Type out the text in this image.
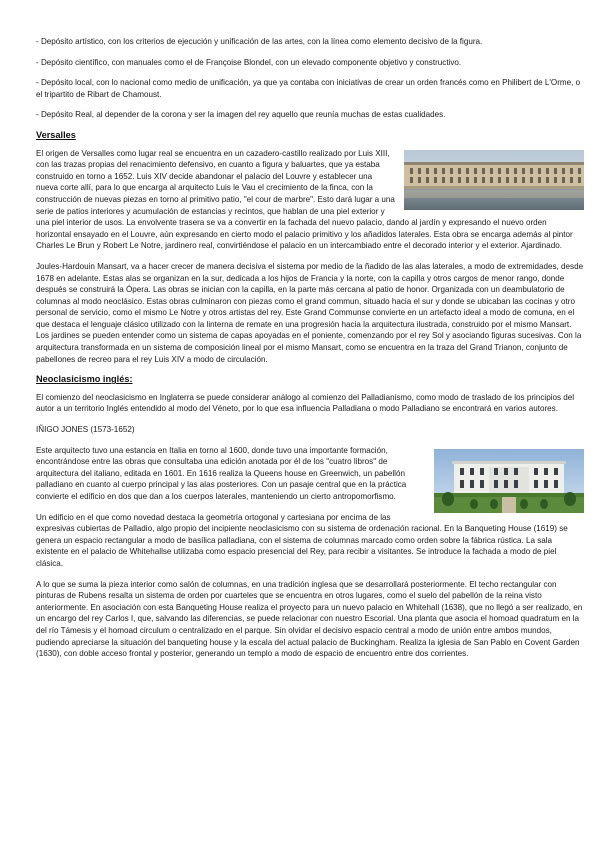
- Depósito artístico, con los criterios de ejecución y unificación de las artes, con la línea como elemento decisivo de la figura.

- Depósito científico, con manuales como el de Françoise Blondel, con un elevado componente objetivo y constructivo.

- Depósito local, con lo nacional como medio de unificación, ya que ya contaba con iniciativas de crear un orden francés como en Philibert de L'Orme, o el tripartito de Ribart de Chamoust.

- Depósito Real, al depender de la corona y ser la imagen del rey aquello que reunía muchas de estas cualidades.

Versalles

El origen de Versalles como lugar real se encuentra en un cazadero-castillo realizado por Luis XIII, con las trazas propias del renacimiento defensivo, en cuanto a figura y baluartes, que ya estaba construido en torno a 1652. Luis XIV decide abandonar el palacio del Louvre y establecer una nueva corte allí, para lo que encarga al arquitecto Luis le Vau el crecimiento de la finca, con la construcción de nuevas piezas en torno al primitivo patio, "el cour de marbre". Esto dará lugar a una serie de patios interiores y acumulación de estancias y recintos, que hablan de una piel exterior y una piel interior de usos. La envolvente trasera se va a convertir en la fachada del nuevo palacio, dando al jardín y expresando el nuevo orden horizontal ensayado en el Louvre, aún expresando en cierto modo el palacio primitivo y los añadidos laterales. Esta obra se encarga además al pintor Charles Le Brun y Robert Le Notre, jardinero real, convirtiéndose el palacio en un intercambiado entre el decorado interior y el exterior. Ajardinado.

Joules-Hardouin Mansart, va a hacer crecer de manera decisiva el sistema por medio de la ñadido de las alas laterales, a modo de extremidades, desde 1678 en adelante. Estas alas se organizan en la sur, dedicada a los hijos de Francia y la norte, con la capilla y otros cargos de menor rango, donde después se construirá la Ópera. Las obras se inician con la capilla, en la parte más cercana al patio de honor. Organizada con un deambulatorio de columnas al modo neoclásico. Estas obras culminaron con piezas como el grand commun, situado hacia el sur y donde se ubicaban las cocinas y otro personal de servicio, como el mismo Le Notre y otros artistas del rey. Este Grand Communse convierte en un artefacto ideal a modo de comuna, en el que destaca el lenguaje clásico utilizado con la linterna de remate en una progresión hacia la arquitectura ilustrada, construido por el mismo Mansart. Los jardines se pueden entender como un sistema de capas apoyadas en el poniente, comenzando por el rey Sol y asociando figuras sucesivas. Con la arquitectura transformada en un sistema de composición lineal por el mismo Mansart, como se encuentra en la traza del Grand Trianon, conjunto de pabellones de recreo para el rey Luis XIV a modo de circulación.

Neoclasicismo inglés:

El comienzo del neoclasicismo en Inglaterra se puede considerar análogo al comienzo del Palladianismo, como modo de traslado de los principios del autor a un territorio Inglés entendido al modo del Véneto, por lo que esa influencia Palladiana o modo Palladiano se encontrará en varios autores.

IÑIGO JONES (1573-1652)

Este arquitecto tuvo una estancia en Italia en torno al 1600, donde tuvo una importante formación, encontrándose entre las obras que consultaba una edición anotada por él de los "cuatro libros" de arquitectura del italiano, editada en 1601. En 1616 realiza la Queens house en Greenwich, un pabellón palladiano en cuanto al cuerpo principal y las alas posteriores. Con un pasaje central que en la práctica convierte el edificio en dos que dan a los cuerpos laterales, manteniendo un cierto antropomorfismo.

Un edificio en el que como novedad destaca la geometría ortogonal y cartesiana por encima de las expresivas cubiertas de Palladio, algo propio del incipiente neoclasicismo con su sistema de ordenación racional. En la Banqueting House (1619) se genera un espacio rectangular a modo de basílica palladiana, con el sistema de columnas marcado como orden sobre la fábrica rústica. La sala existente en el palacio de Whitehallse utilizaba como espacio presencial del Rey, para recibir a visitantes. Se introduce la fachada a modo de piel clásica.

A lo que se suma la pieza interior como salón de columnas, en una tradición inglesa que se desarrollará posteriormente. El techo rectangular con pinturas de Rubens resalta un sistema de orden por cuarteles que se encuentra en otros lugares, como el suelo del pabellón de la reina visto anteriormente. En asociación con esta Banqueting House realiza el proyecto para un nuevo palacio en Whitehall (1638), que no llegó a ser realizado, en un encargo del rey Carlos I, que, salvando las diferencias, se puede relacionar con nuestro Escorial. Una planta que asocia el homoad quadratum en la del río Támesis y el homoad circulum o centralizado en el parque. Sin olvidar el decisivo espacio central a modo de unión entre ambos mundos, pudiendo apreciarse la situación del banqueting house y la escala del actual palacio de Buckingham. Realiza la iglesia de San Pablo en Covent Garden (1630), con doble acceso frontal y posterior, generando un templo a modo de espacio de encuentro entre dos corrientes.
